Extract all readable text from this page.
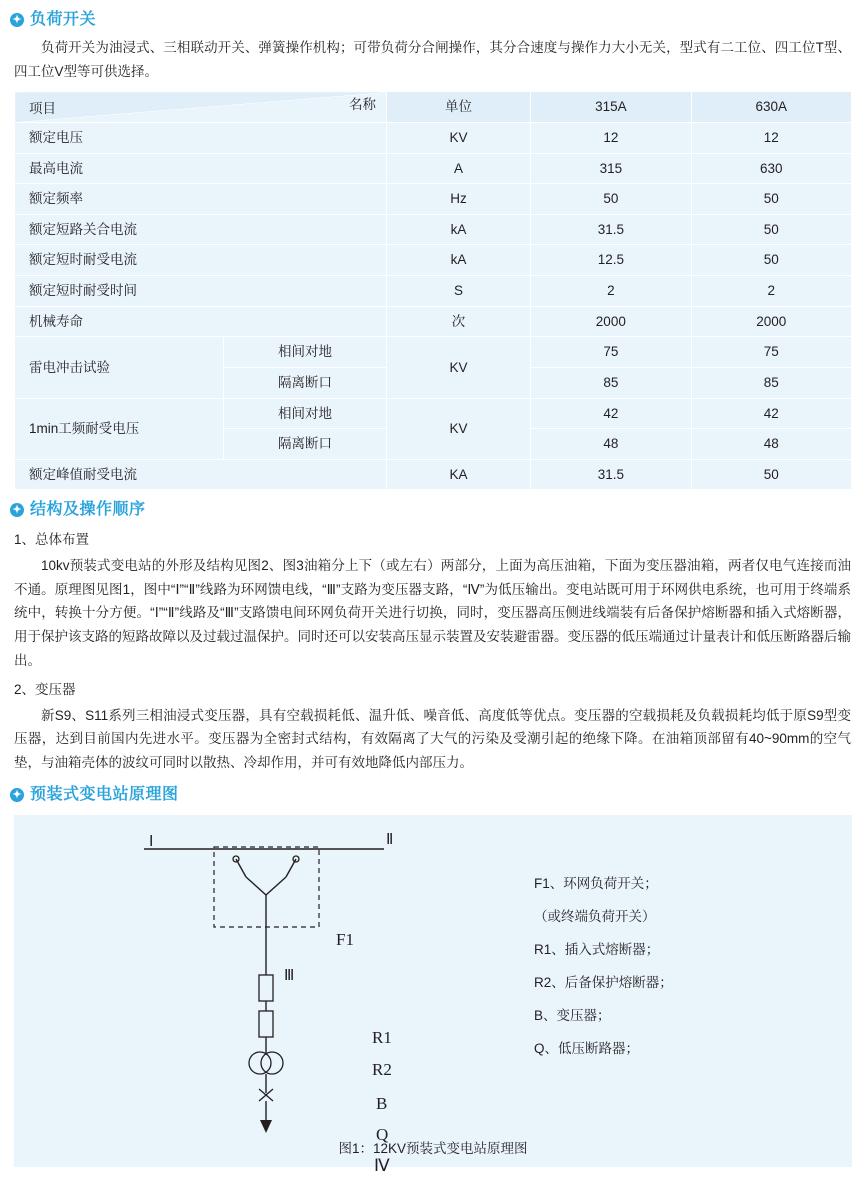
✦ 负荷开关
负荷开关为油浸式、三相联动开关、弹簧操作机构；可带负荷分合闸操作，其分合速度与操作力大小无关，型式有二工位、四工位T型、四工位V型等可供选择。
名称
项目		单位	315A	630A
额定电压		KV	12	12
最高电流		A	315	630
额定频率		Hz	50	50
额定短路关合电流		kA	31.5	50
额定短时耐受电流		kA	12.5	50
额定短时耐受时间		S	2	2
机械寿命		次	2000	2000
雷电冲击试验	相间对地	KV	75	75
	隔离断口		85	85
1min工频耐受电压	相间对地	KV	42	42
	隔离断口		48	48
额定峰值耐受电流		KA	31.5	50
✦ 结构及操作顺序
1、总体布置
10kv预装式变电站的外形及结构见图2、图3油箱分上下（或左右）两部分，上面为高压油箱，下面为变压器油箱，两者仅电气连接而油不通。原理图见图1，图中“Ⅰ”“Ⅱ”线路为环网馈电线，“Ⅲ”支路为变压器支路，“Ⅳ”为低压输出。变电站既可用于环网供电系统，也可用于终端系统中，转换十分方便。“Ⅰ”“Ⅱ”线路及“Ⅲ”支路馈电间环网负荷开关进行切换，同时，变压器高压侧进线端装有后备保护熔断器和插入式熔断器，用于保护该支路的短路故障以及过载过温保护。同时还可以安装高压显示装置及安装避雷器。变压器的低压端通过计量表计和低压断路器后输出。
2、变压器
新S9、S11系列三相油浸式变压器，具有空载损耗低、温升低、噪音低、高度低等优点。变压器的空载损耗及负载损耗均低于原S9型变压器，达到目前国内先进水平。变压器为全密封式结构，有效隔离了大气的污染及受潮引起的绝缘下降。在油箱顶部留有40~90mm的空气垫，与油箱壳体的波纹可同时以散热、冷却作用，并可有效地降低内部压力。
✦ 预装式变电站原理图
Ⅰ	Ⅱ
F1
Ⅲ
R1
R2
B
Q
Ⅳ
F1、环网负荷开关；
（或终端负荷开关）
R1、插入式熔断器；
R2、后备保护熔断器；
B、变压器；
Q、低压断路器；
图1：12KV预装式变电站原理图
